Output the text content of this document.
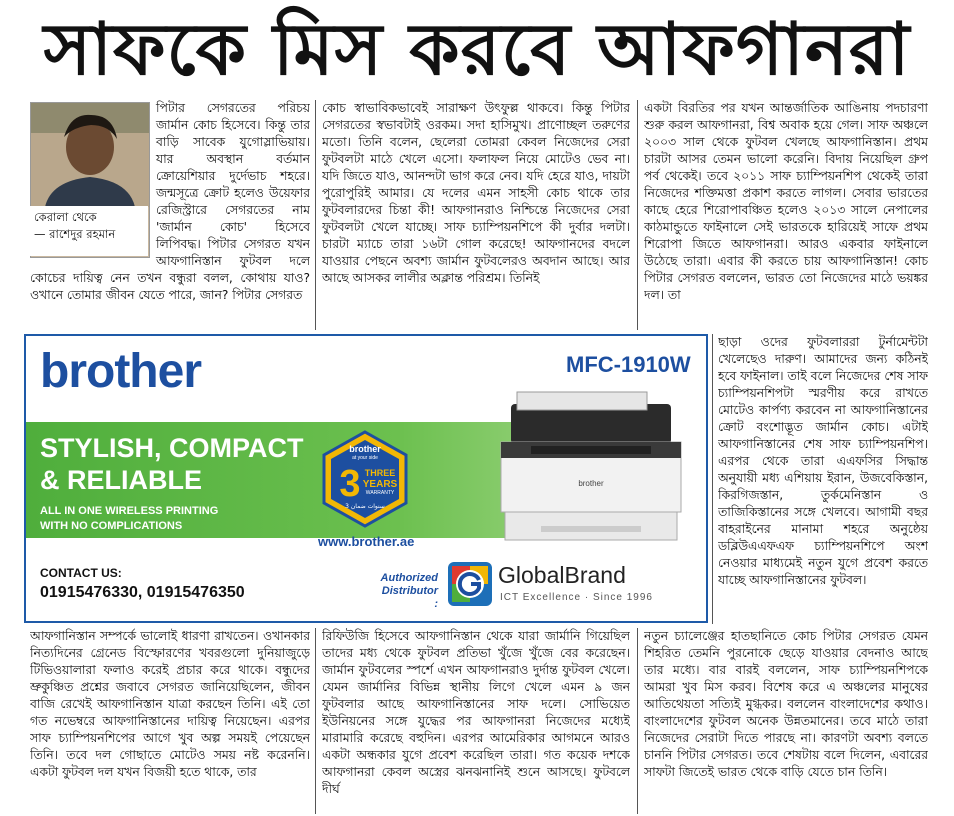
সাফকে মিস করবে আফগানরা
কেরালা থেকে
— রাশেদুর রহমান

পিটার সেগরতের পরিচয় জার্মান কোচ হিসেবে। কিন্তু তার বাড়ি সাবেক যুগোস্লাভিয়ায়। যার অবস্থান বর্তমান ক্রোয়েশিয়ার দুর্দেভাচ শহরে। জন্মসূত্রে ক্রোট হলেও উয়েফার রেজিস্ট্রারে সেগরতের নাম 'জার্মান কোচ' হিসেবে লিপিবদ্ধ। পিটার সেগরত যখন আফগানিস্তান ফুটবল দলে কোচের দায়িত্ব নেন তখন বন্ধুরা বলল, কোথায় যাও? ওখানে তোমার জীবন যেতে পারে, জান? পিটার সেগরত

কোচ স্বাভাবিকভাবেই সারাক্ষণ উৎফুল্ল থাকবে। কিন্তু পিটার সেগরতের স্বভাবটাই ওরকম। সদা হাসিমুখ। প্রাণোচ্ছল তরুণের মতো। তিনি বলেন, ছেলেরা তোমরা কেবল নিজেদের সেরা ফুটবলটা মাঠে খেলে এসো। ফলাফল নিয়ে মোটেও ভেব না। যদি জিতে যাও, আনন্দটা ভাগ করে নেব। যদি হেরে যাও, দায়টা পুরোপুরিই আমার। যে দলের এমন সাহসী কোচ থাকে তার ফুটবলারদের চিন্তা কী! আফগানরাও নিশ্চিন্তে নিজেদের সেরা ফুটবলটা খেলে যাচ্ছে। সাফ চ্যাম্পিয়নশিপে কী দুর্বার দলটা। চারটা ম্যাচে তারা ১৬টা গোল করেছে! আফগানদের বদলে যাওয়ার পেছনে অবশ্য জার্মান ফুটবলেরও অবদান আছে। আর আছে আসকর লালীর অক্লান্ত পরিশ্রম। তিনিই

একটা বিরতির পর যখন আন্তর্জাতিক আঙিনায় পদচারণা শুরু করল আফগানরা, বিশ্ব অবাক হয়ে গেল। সাফ অঞ্চলে ২০০৩ সাল থেকে ফুটবল খেলছে আফগানিস্তান। প্রথম চারটা আসর তেমন ভালো করেনি। বিদায় নিয়েছিল গ্রুপ পর্ব থেকেই। তবে ২০১১ সাফ চ্যাম্পিয়নশিপ থেকেই তারা নিজেদের শক্তিমত্তা প্রকাশ করতে লাগল। সেবার ভারতের কাছে হেরে শিরোপাবঞ্চিত হলেও ২০১৩ সালে নেপালের কাঠমান্ডুতে ফাইনালে সেই ভারতকে হারিয়েই সাফে প্রথম শিরোপা জিতে আফগানরা। আরও একবার ফাইনালে উঠেছে তারা। এবার কী করতে চায় আফগানিস্তান! কোচ পিটার সেগরত বললেন, ভারত তো নিজেদের মাঠে ভয়ঙ্কর দল। তা

ছাড়া ওদের ফুটবলাররা টুর্নামেন্টটা খেলেছেও দারুণ। আমাদের জন্য কঠিনই হবে ফাইনাল। তাই বলে নিজেদের শেষ সাফ চ্যাম্পিয়নশিপটা স্মরণীয় করে রাখতে মোটেও কার্পণ্য করবেন না আফগানিস্তানের ক্রোট বংশোদ্ভূত জার্মান কোচ। এটাই আফগানিস্তানের শেষ সাফ চ্যাম্পিয়নশিপ। এরপর থেকে তারা এএফসির সিদ্ধান্ত অনুযায়ী মধ্য এশিয়ায় ইরান, উজবেকিস্তান, কিরগিজস্তান, তুর্কমেনিস্তান ও তাজিকিস্তানের সঙ্গে খেলবে। আগামী বছর বাহরাইনের মানামা শহরে অনুষ্ঠেয় ডব্লিউএএফএফ চ্যাম্পিয়নশিপে অংশ নেওয়ার মাধ্যমেই নতুন যুগে প্রবেশ করতে যাচ্ছে আফগানিস্তানের ফুটবল।

brother	MFC-1910W
STYLISH, COMPACT
& RELIABLE
ALL IN ONE WIRELESS PRINTING
WITH NO COMPLICATIONS
brother
at your side
3 THREE
YEARS
WARRANTY
3 سنوات ضمان
www.brother.ae
CONTACT US:
01915476330, 01915476350
Authorized Distributor :
GlobalBrand
ICT Excellence · Since 1996
brother

আফগানিস্তান সম্পর্কে ভালোই ধারণা রাখতেন। ওখানকার নিত্যদিনের গ্রেনেড বিস্ফোরণের খবরগুলো দুনিয়াজুড়ে টিভিওয়ালারা ফলাও করেই প্রচার করে থাকে। বন্ধুদের ভ্রুকুঞ্চিত প্রশ্নের জবাবে সেগরত জানিয়েছিলেন, জীবন বাজি রেখেই আফগানিস্তান যাত্রা করছেন তিনি। এই তো গত নভেম্বরে আফগানিস্তানের দায়িত্ব নিয়েছেন। এরপর সাফ চ্যাম্পিয়নশিপের আগে খুব অল্প সময়ই পেয়েছেন তিনি। তবে দল গোছাতে মোটেও সময় নষ্ট করেননি। একটা ফুটবল দল যখন বিজয়ী হতে থাকে, তার

রিফিউজি হিসেবে আফগানিস্তান থেকে যারা জার্মানি গিয়েছিল তাদের মধ্য থেকে ফুটবল প্রতিভা খুঁজে খুঁজে বের করেছেন। জার্মান ফুটবলের স্পর্শে এখন আফগানরাও দুর্দান্ত ফুটবল খেলে। যেমন জার্মানির বিভিন্ন স্থানীয় লিগে খেলে এমন ৯ জন ফুটবলার আছে আফগানিস্তানের সাফ দলে। সোভিয়েত ইউনিয়নের সঙ্গে যুদ্ধের পর আফগানরা নিজেদের মধ্যেই মারামারি করেছে বহুদিন। এরপর আমেরিকার আগমনে আরও একটা অন্ধকার যুগে প্রবেশ করেছিল তারা। গত কয়েক দশকে আফগানরা কেবল অস্ত্রের ঝনঝনানিই শুনে আসছে। ফুটবলে দীর্ঘ

নতুন চ্যালেঞ্জের হাতছানিতে কোচ পিটার সেগরত যেমন শিহরিত তেমনি পুরনোকে ছেড়ে যাওয়ার বেদনাও আছে তার মধ্যে। বার বারই বললেন, সাফ চ্যাম্পিয়নশিপকে আমরা খুব মিস করব। বিশেষ করে এ অঞ্চলের মানুষের আতিথেয়তা সত্যিই মুগ্ধকর। বললেন বাংলাদেশের কথাও। বাংলাদেশের ফুটবল অনেক উন্নতমানের। তবে মাঠে তারা নিজেদের সেরাটা দিতে পারছে না। কারণটা অবশ্য বলতে চাননি পিটার সেগরত। তবে শেষটায় বলে দিলেন, এবারের সাফটা জিতেই ভারত থেকে বাড়ি যেতে চান তিনি।
